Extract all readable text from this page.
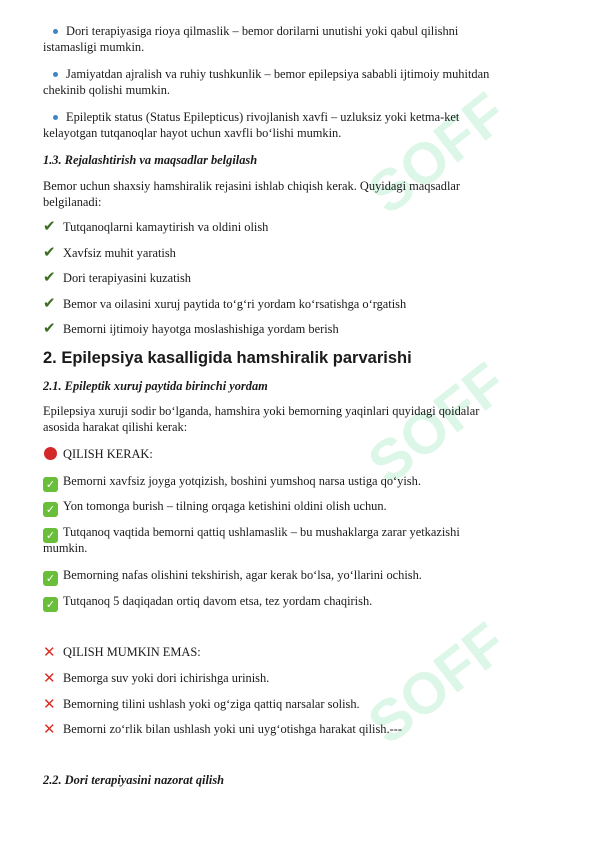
SOFF
SOFF
SOFF
Dori terapiyasiga rioya qilmaslik – bemor dorilarni unutishi yoki qabul qilishni
istamasligi mumkin.
Jamiyatdan ajralish va ruhiy tushkunlik – bemor epilepsiya sababli ijtimoiy muhitdan
chekinib qolishi mumkin.
Epileptik status (Status Epilepticus) rivojlanish xavfi – uzluksiz yoki ketma-ket
kelayotgan tutqanoqlar hayot uchun xavfli bo‘lishi mumkin.
1.3. Rejalashtirish va maqsadlar belgilash
Bemor uchun shaxsiy hamshiralik rejasini ishlab chiqish kerak. Quyidagi maqsadlar
belgilanadi:
✔ Tutqanoqlarni kamaytirish va oldini olish
✔ Xavfsiz muhit yaratish
✔ Dori terapiyasini kuzatish
✔ Bemor va oilasini xuruj paytida to‘g‘ri yordam ko‘rsatishga o‘rgatish
✔ Bemorni ijtimoiy hayotga moslashishiga yordam berish
2. Epilepsiya kasalligida hamshiralik parvarishi
2.1. Epileptik xuruj paytida birinchi yordam
Epilepsiya xuruji sodir bo‘lganda, hamshira yoki bemorning yaqinlari quyidagi qoidalar
asosida harakat qilishi kerak:
QILISH KERAK:
✓ Bemorni xavfsiz joyga yotqizish, boshini yumshoq narsa ustiga qo‘yish.
✓ Yon tomonga burish – tilning orqaga ketishini oldini olish uchun.
✓ Tutqanoq vaqtida bemorni qattiq ushlamaslik – bu mushaklarga zarar yetkazishi
mumkin.
✓ Bemorning nafas olishini tekshirish, agar kerak bo‘lsa, yo‘llarini ochish.
✓ Tutqanoq 5 daqiqadan ortiq davom etsa, tez yordam chaqirish.
✕ QILISH MUMKIN EMAS:
✕ Bemorga suv yoki dori ichirishga urinish.
✕ Bemorning tilini ushlash yoki og‘ziga qattiq narsalar solish.
✕ Bemorni zo‘rlik bilan ushlash yoki uni uyg‘otishga harakat qilish.---
2.2. Dori terapiyasini nazorat qilish
